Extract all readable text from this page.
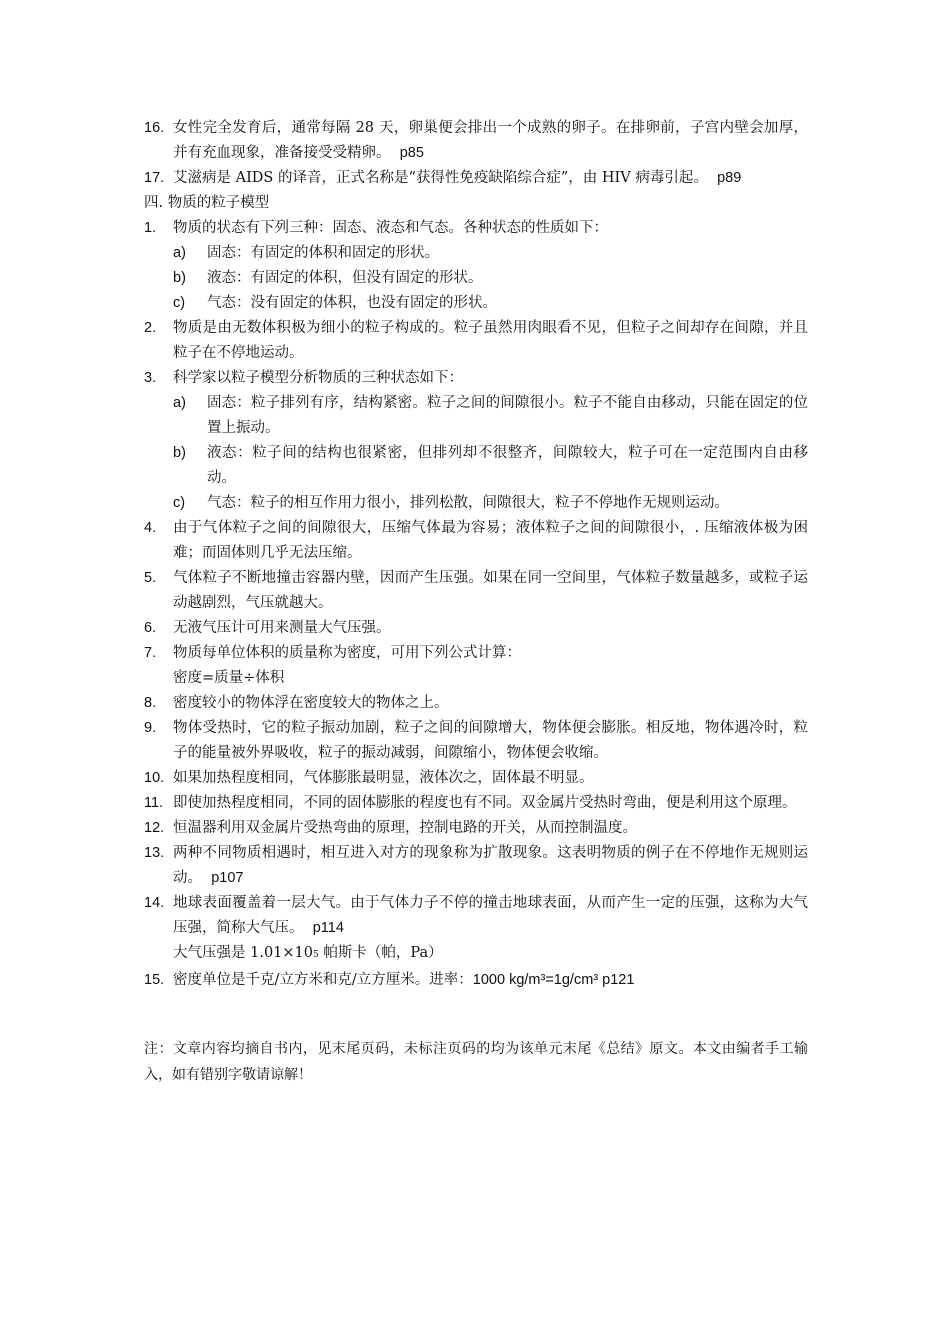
16. 女性完全发育后，通常每隔 28 天，卵巢便会排出一个成熟的卵子。在排卵前，子宫内壁会加厚，并有充血现象，准备接受受精卵。 p85
17. 艾滋病是 AIDS 的译音，正式名称是“获得性免疫缺陷综合症”，由 HIV 病毒引起。 p89
四. 物质的粒子模型
1.	物质的状态有下列三种：固态、液态和气态。各种状态的性质如下：
a)	固态：有固定的体积和固定的形状。
b)	液态：有固定的体积，但没有固定的形状。
c)	气态：没有固定的体积，也没有固定的形状。
2.	物质是由无数体积极为细小的粒子构成的。粒子虽然用肉眼看不见，但粒子之间却存在间隙，并且粒子在不停地运动。
3.	科学家以粒子模型分析物质的三种状态如下：
a)	固态：粒子排列有序，结构紧密。粒子之间的间隙很小。粒子不能自由移动，只能在固定的位置上振动。
b)	液态：粒子间的结构也很紧密，但排列却不很整齐，间隙较大，粒子可在一定范围内自由移动。
c)	气态：粒子的相互作用力很小，排列松散，间隙很大，粒子不停地作无规则运动。
4.	由于气体粒子之间的间隙很大，压缩气体最为容易；液体粒子之间的间隙很小，. 压缩液体极为困难；而固体则几乎无法压缩。
5.	气体粒子不断地撞击容器内壁，因而产生压强。如果在同一空间里，气体粒子数量越多，或粒子运动越剧烈，气压就越大。
6.	无液气压计可用来测量大气压强。
7.	物质每单位体积的质量称为密度，可用下列公式计算：
密度=质量÷体积
8.	密度较小的物体浮在密度较大的物体之上。
9.	物体受热时，它的粒子振动加剧，粒子之间的间隙增大，物体便会膨胀。相反地，物体遇冷时，粒子的能量被外界吸收，粒子的振动减弱，间隙缩小，物体便会收缩。
10. 如果加热程度相同，气体膨胀最明显，液体次之，固体最不明显。
11. 即使加热程度相同，不同的固体膨胀的程度也有不同。双金属片受热时弯曲，便是利用这个原理。
12. 恒温器利用双金属片受热弯曲的原理，控制电路的开关，从而控制温度。
13. 两种不同物质相遇时，相互进入对方的现象称为扩散现象。这表明物质的例子在不停地作无规则运动。 p107
14. 地球表面覆盖着一层大气。由于气体力子不停的撞击地球表面，从而产生一定的压强，这称为大气压强，简称大气压。 p114
大气压强是 1.01×105 帕斯卡（帕，Pa）
15. 密度单位是千克/立方米和克/立方厘米。进率：1000 kg/m³=1g/cm³ p121
注：文章内容均摘自书内，见末尾页码，未标注页码的均为该单元末尾《总结》原文。本文由编者手工输入，如有错别字敬请谅解！
